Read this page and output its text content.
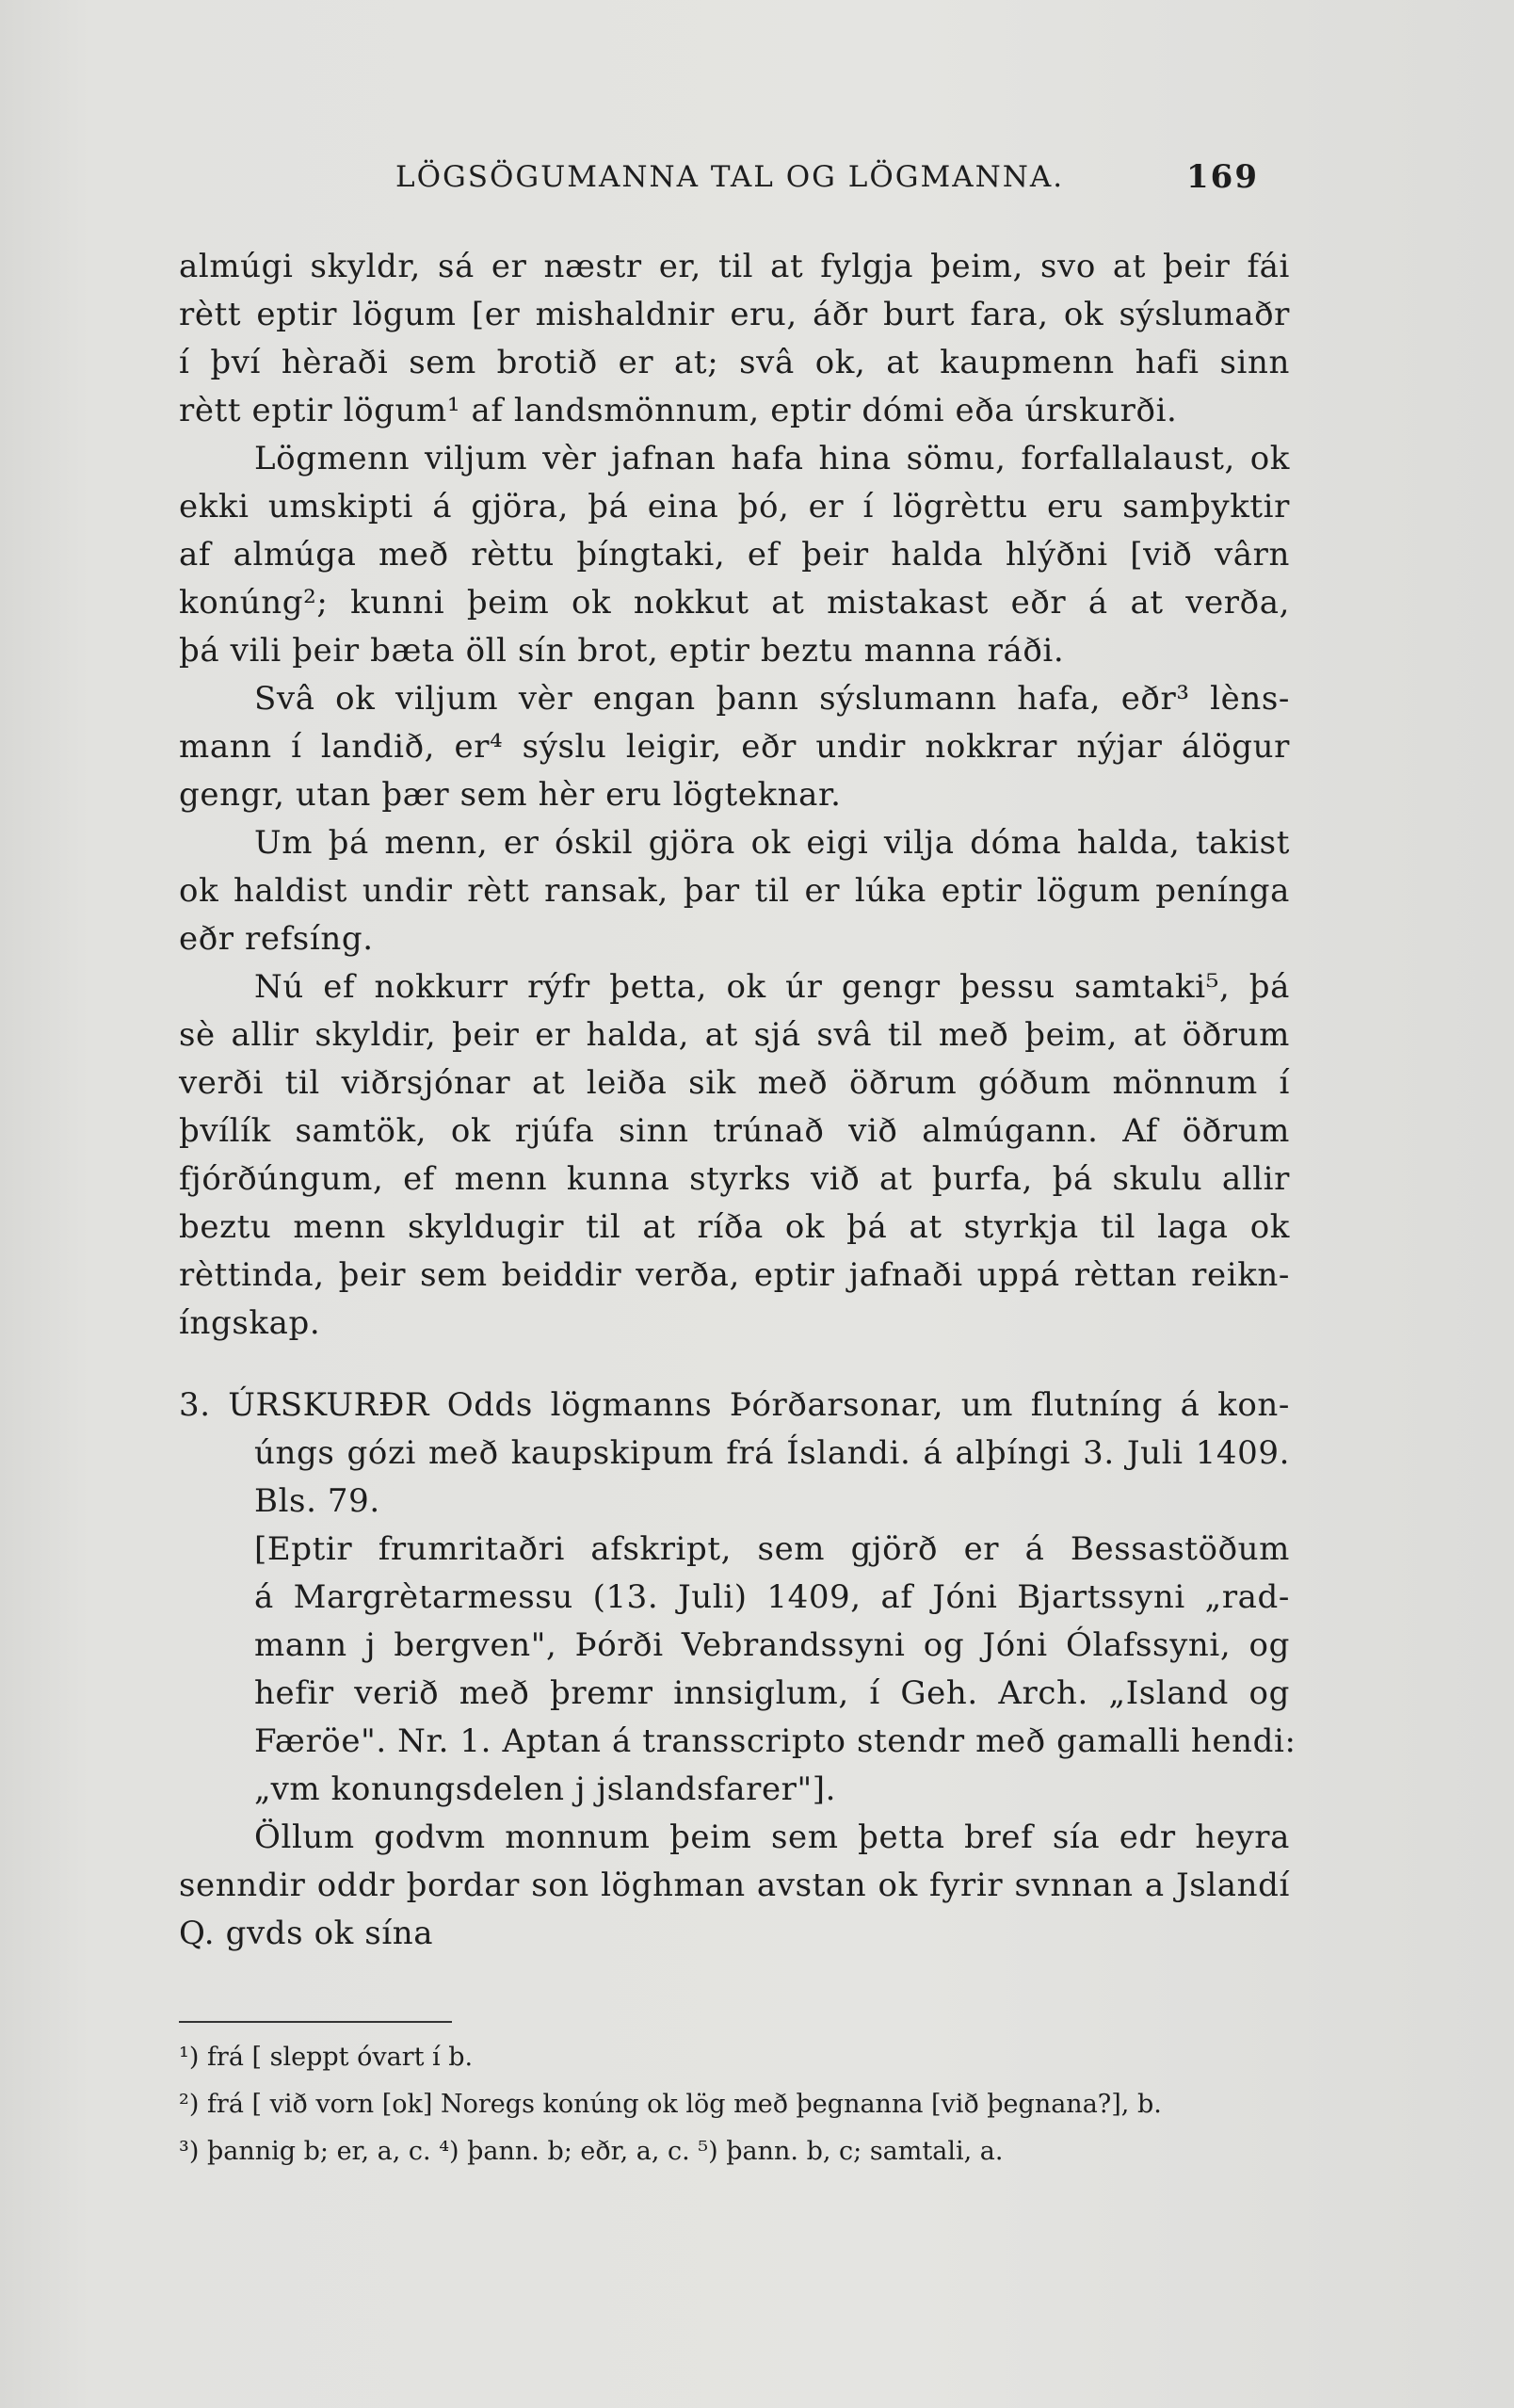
LÖGSÖGUMANNA TAL OG LÖGMANNA.	169
almúgi skyldr, sá er næstr er, til at fylgja þeim, svo at þeir fái
rètt eptir lögum [er mishaldnir eru, áðr burt fara, ok sýslumaðr
í því hèraði sem brotið er at; svâ ok, at kaupmenn hafi sinn
rètt eptir lögum¹ af landsmönnum, eptir dómi eða úrskurði.
Lögmenn viljum vèr jafnan hafa hina sömu, forfallalaust, ok
ekki umskipti á gjöra, þá eina þó, er í lögrèttu eru samþyktir
af almúga með rèttu þíngtaki, ef þeir halda hlýðni [við vârn
konúng²; kunni þeim ok nokkut at mistakast eðr á at verða,
þá vili þeir bæta öll sín brot, eptir beztu manna ráði.
Svâ ok viljum vèr engan þann sýslumann hafa, eðr³ lèns-
mann í landið, er⁴ sýslu leigir, eðr undir nokkrar nýjar álögur
gengr, utan þær sem hèr eru lögteknar.
Um þá menn, er óskil gjöra ok eigi vilja dóma halda, takist
ok haldist undir rètt ransak, þar til er lúka eptir lögum penínga
eðr refsíng.
Nú ef nokkurr rýfr þetta, ok úr gengr þessu samtaki⁵, þá
sè allir skyldir, þeir er halda, at sjá svâ til með þeim, at öðrum
verði til viðrsjónar at leiða sik með öðrum góðum mönnum í
þvílík samtök, ok rjúfa sinn trúnað við almúgann. Af öðrum
fjórðúngum, ef menn kunna styrks við at þurfa, þá skulu allir
beztu menn skyldugir til at ríða ok þá at styrkja til laga ok
rèttinda, þeir sem beiddir verða, eptir jafnaði uppá rèttan reikn-
íngskap.
3. ÚRSKURÐR Odds lögmanns Þórðarsonar, um flutníng á kon-
úngs gózi með kaupskipum frá Íslandi. á alþíngi 3. Juli 1409.
Bls. 79.
[Eptir frumritaðri afskript, sem gjörð er á Bessastöðum
á Margrètarmessu (13. Juli) 1409, af Jóni Bjartssyni „rad-
mann j bergven", Þórði Vebrandssyni og Jóni Ólafssyni, og
hefir verið með þremr innsiglum, í Geh. Arch. „Island og
Færöe". Nr. 1. Aptan á transscripto stendr með gamalli hendi:
„vm konungsdelen j jslandsfarer"].
Öllum godvm monnum þeim sem þetta bref sía edr heyra
senndir oddr þordar son löghman avstan ok fyrir svnnan a Jslandí
Q. gvds ok sína
¹) frá [ sleppt óvart í b.
²) frá [ við vorn [ok] Noregs konúng ok lög með þegnanna [við þegnana?], b.
³) þannig b; er, a, c. ⁴) þann. b; eðr, a, c. ⁵) þann. b, c; samtali, a.
